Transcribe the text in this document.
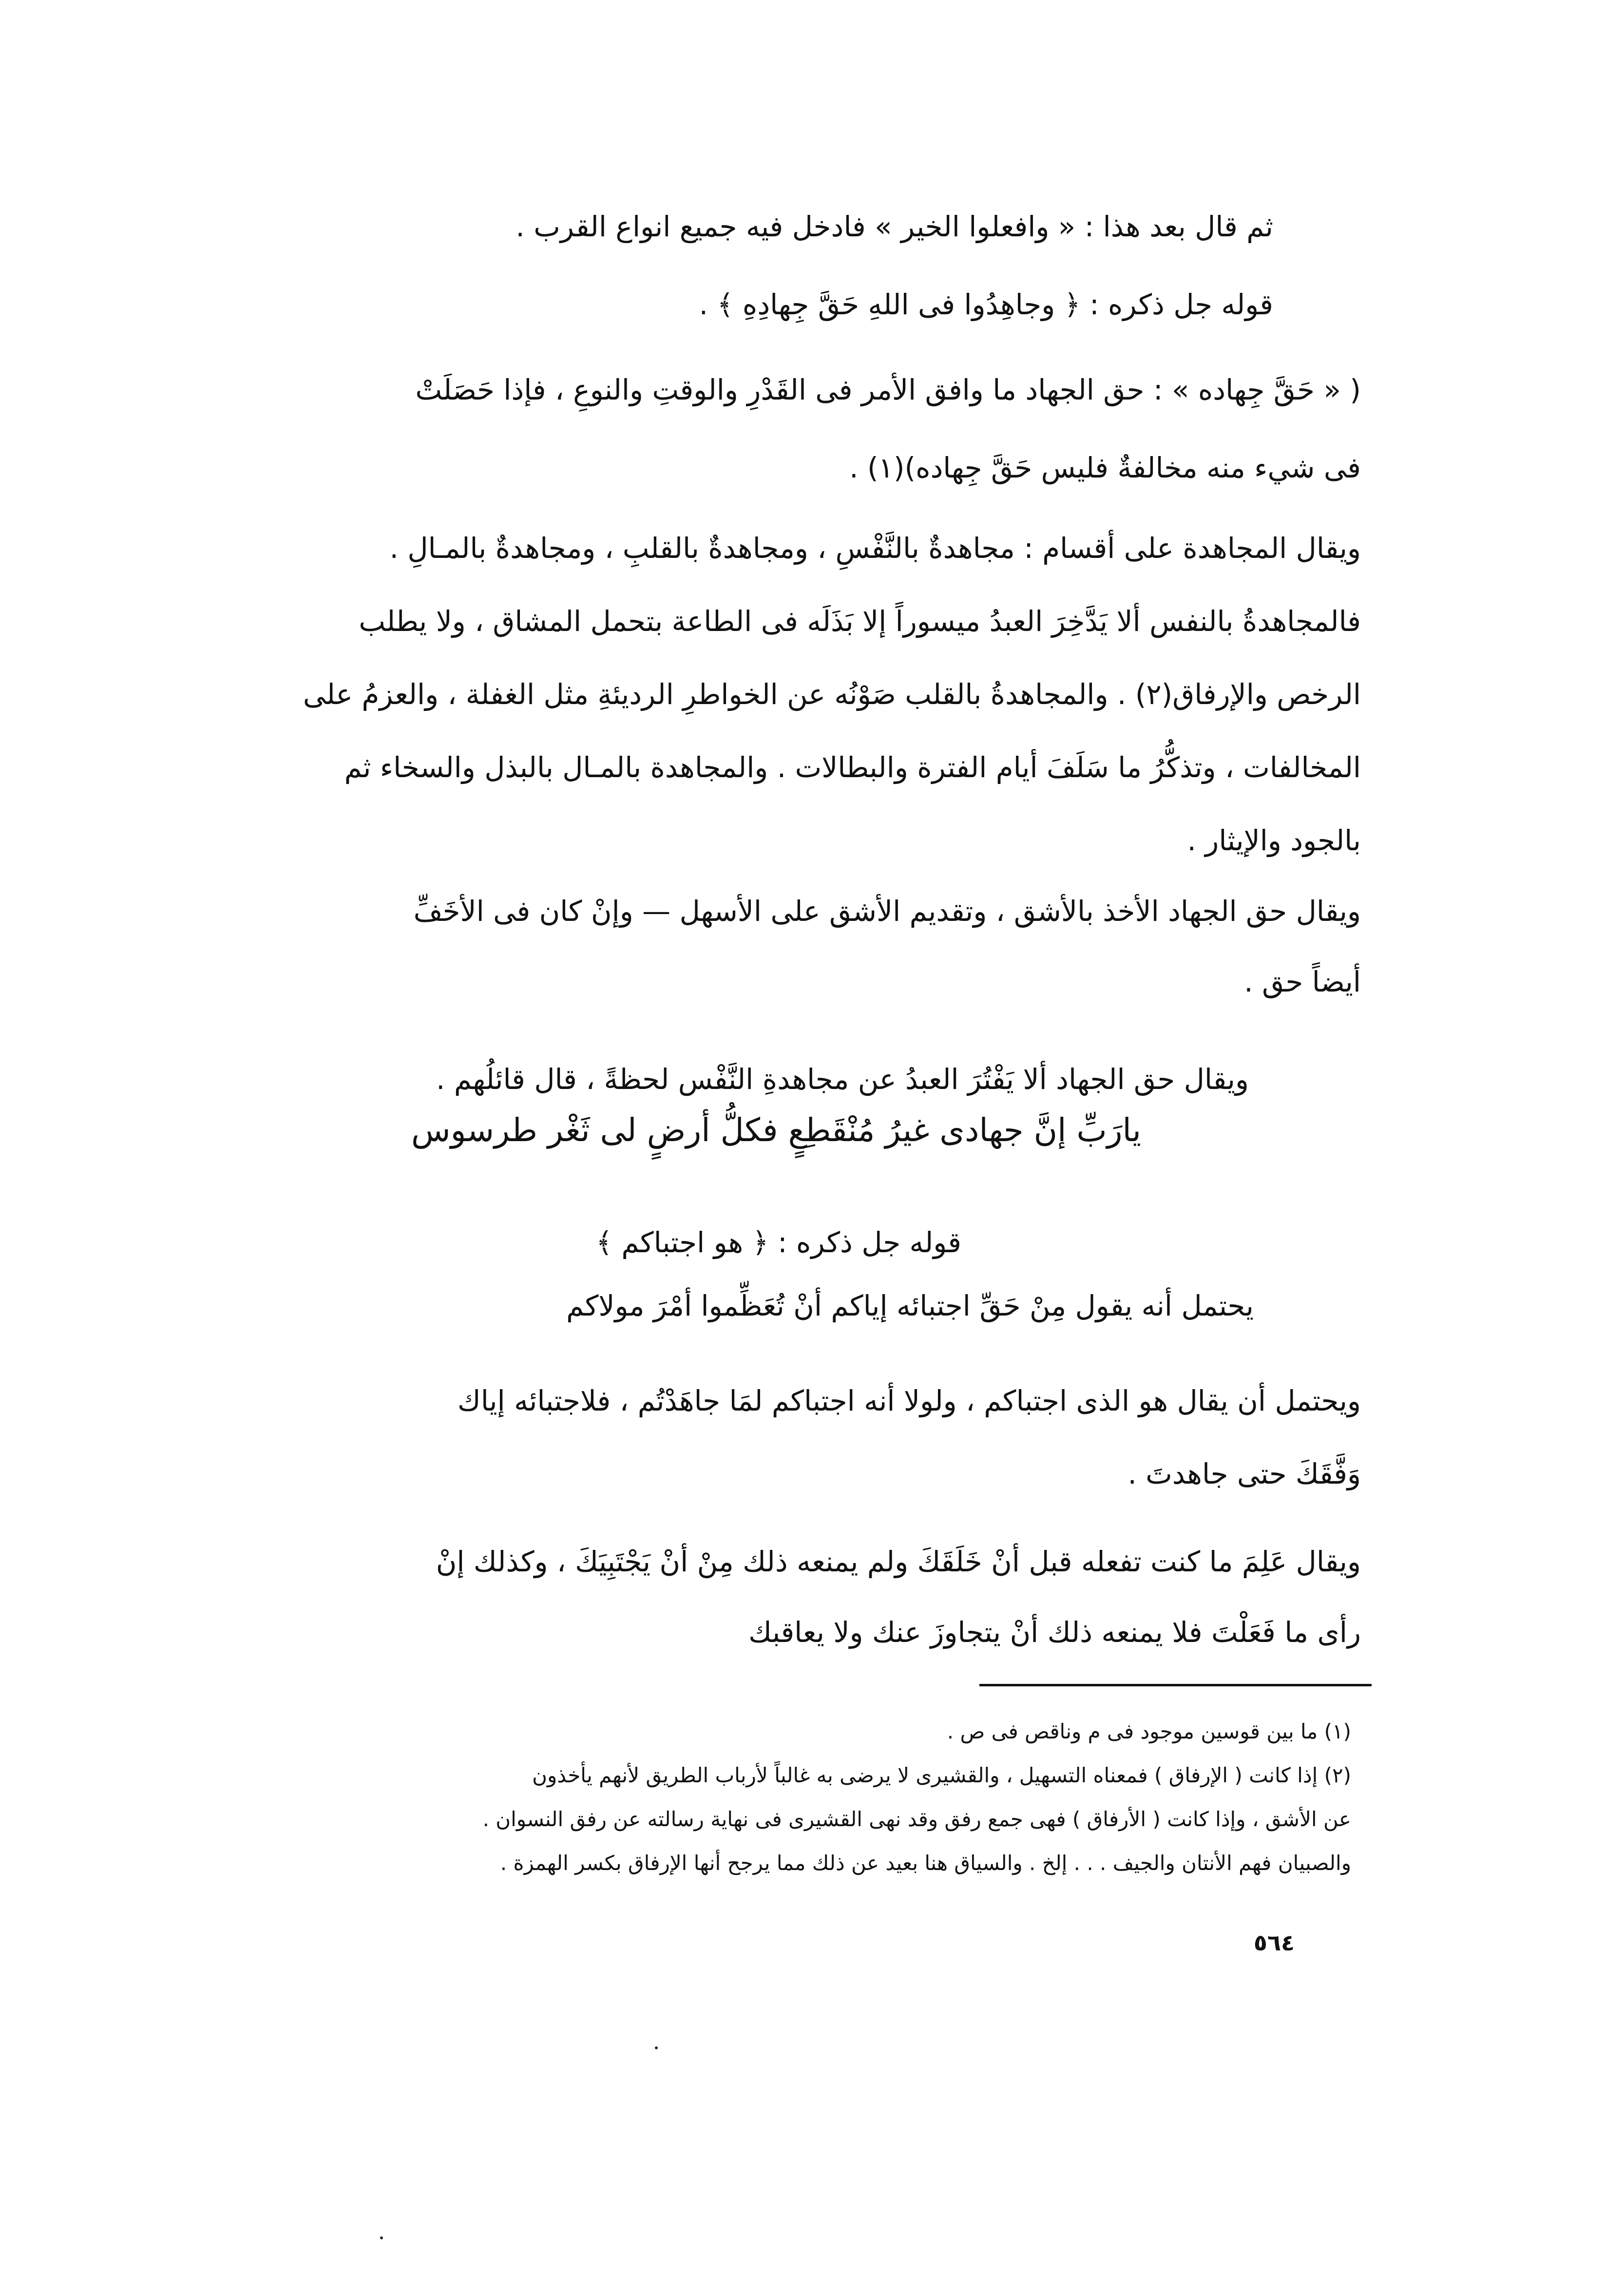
ثم قال بعد هذا : « وافعلوا الخير » فادخل فيه جميع انواع القرب .
قوله جل ذكره : ﴿ وجاهِدُوا فى اللهِ حَقَّ جِهادِهِ ﴾ .
( « حَقَّ جِهاده » : حق الجهاد ما وافق الأمر فى القَدْرِ والوقتِ والنوعِ ، فإذا حَصَلَتْ
فى شيء منه مخالفةٌ فليس حَقَّ جِهاده)(١) .
ويقال المجاهدة على أقسام : مجاهدةٌ بالنَّفْسِ ، ومجاهدةٌ بالقلبِ ، ومجاهدةٌ بالمـالِ .
فالمجاهدةُ بالنفس ألا يَدَّخِرَ العبدُ ميسوراً إلا بَذَلَه فى الطاعة بتحمل المشاق ، ولا يطلب
الرخص والإرفاق(٢) . والمجاهدةُ بالقلب صَوْنُه عن الخواطرِ الرديئةِ مثل الغفلة ، والعزمُ على
المخالفات ، وتذكُّرُ ما سَلَفَ أيام الفترة والبطالات . والمجاهدة بالمـال بالبذل والسخاء ثم
بالجود والإيثار .
ويقال حق الجهاد الأخذ بالأشق ، وتقديم الأشق على الأسهل — وإنْ كان فى الأخَفِّ
أيضاً حق .
ويقال حق الجهاد ألا يَفْتُرَ العبدُ عن مجاهدةِ النَّفْس لحظةً ، قال قائلُهم .
يارَبِّ إنَّ جهادى غيرُ مُنْقَطِعٍ فكلُّ أرضٍ لى ثَغْر طرسوس
قوله جل ذكره : ﴿ هو اجتباكم ﴾
يحتمل أنه يقول مِنْ حَقِّ اجتبائه إياكم أنْ تُعَظِّموا أمْرَ مولاكم
ويحتمل أن يقال هو الذى اجتباكم ، ولولا أنه اجتباكم لمَا جاهَدْتُم ، فلاجتبائه إياك
وَفَّقَكَ حتى جاهدتَ .
ويقال عَلِمَ ما كنت تفعله قبل أنْ خَلَقَكَ ولم يمنعه ذلك مِنْ أنْ يَجْتَبِيَكَ ، وكذلك إنْ
رأى ما فَعَلْتَ فلا يمنعه ذلك أنْ يتجاوزَ عنك ولا يعاقبك
(١) ما بين قوسين موجود فى م وناقص فى ص .
(٢) إذا كانت ( الإرفاق ) فمعناه التسهيل ، والقشيرى لا يرضى به غالباً لأرباب الطريق لأنهم يأخذون
عن الأشق ، وإذا كانت ( الأرفاق ) فهى جمع رفق وقد نهى القشيرى فى نهاية رسالته عن رفق النسوان .
والصبيان فهم الأنتان والجيف . . . إلخ . والسياق هنا بعيد عن ذلك مما يرجح أنها الإرفاق بكسر الهمزة .
٥٦٤
